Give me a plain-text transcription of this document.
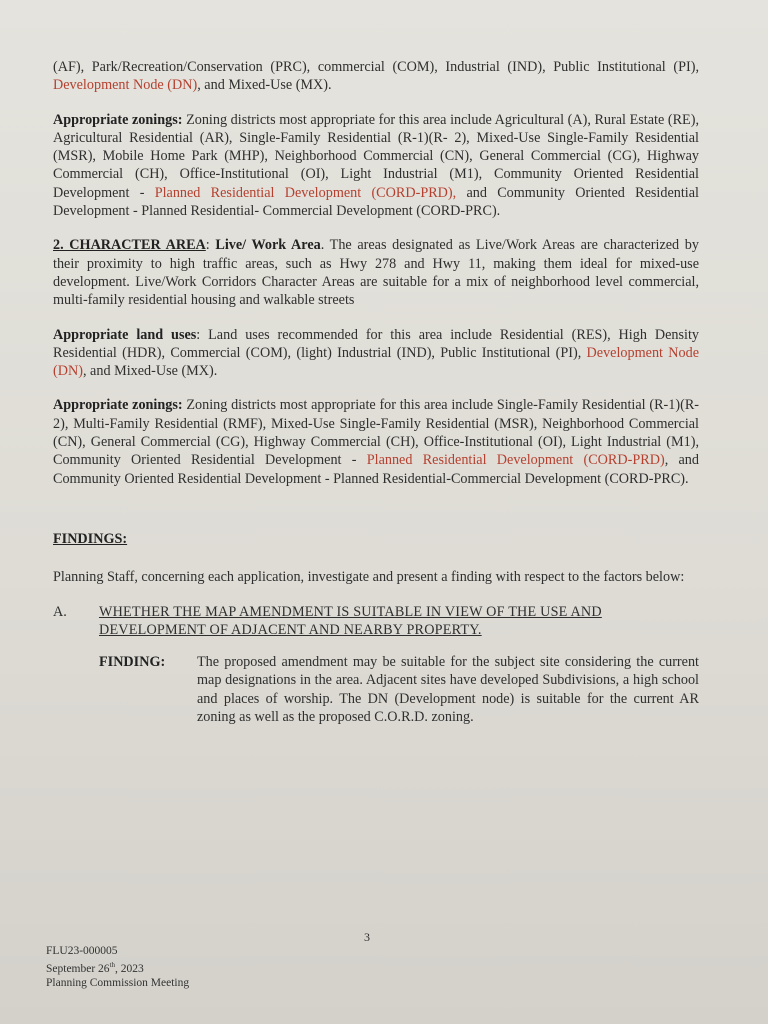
(AF), Park/Recreation/Conservation (PRC), commercial (COM), Industrial (IND), Public Institutional (PI), Development Node (DN), and Mixed-Use (MX).

Appropriate zonings: Zoning districts most appropriate for this area include Agricultural (A), Rural Estate (RE), Agricultural Residential (AR), Single-Family Residential (R-1)(R- 2), Mixed-Use Single-Family Residential (MSR), Mobile Home Park (MHP), Neighborhood Commercial (CN), General Commercial (CG), Highway Commercial (CH), Office-Institutional (OI), Light Industrial (M1), Community Oriented Residential Development - Planned Residential Development (CORD-PRD), and Community Oriented Residential Development - Planned Residential- Commercial Development (CORD-PRC).

2. CHARACTER AREA: Live/ Work Area. The areas designated as Live/Work Areas are characterized by their proximity to high traffic areas, such as Hwy 278 and Hwy 11, making them ideal for mixed-use development. Live/Work Corridors Character Areas are suitable for a mix of neighborhood level commercial, multi-family residential housing and walkable streets

Appropriate land uses: Land uses recommended for this area include Residential (RES), High Density Residential (HDR), Commercial (COM), (light) Industrial (IND), Public Institutional (PI), Development Node (DN), and Mixed-Use (MX).

Appropriate zonings: Zoning districts most appropriate for this area include Single-Family Residential (R-1)(R-2), Multi-Family Residential (RMF), Mixed-Use Single-Family Residential (MSR), Neighborhood Commercial (CN), General Commercial (CG), Highway Commercial (CH), Office-Institutional (OI), Light Industrial (M1), Community Oriented Residential Development - Planned Residential Development (CORD-PRD), and Community Oriented Residential Development - Planned Residential-Commercial Development (CORD-PRC).

FINDINGS:

Planning Staff, concerning each application, investigate and present a finding with respect to the factors below:

A. WHETHER THE MAP AMENDMENT IS SUITABLE IN VIEW OF THE USE AND DEVELOPMENT OF ADJACENT AND NEARBY PROPERTY.
FINDING:	The proposed amendment may be suitable for the subject site considering the current map designations in the area. Adjacent sites have developed Subdivisions, a high school and places of worship. The DN (Development node) is suitable for the current AR zoning as well as the proposed C.O.R.D. zoning.
3
FLU23-000005
September 26th, 2023
Planning Commission Meeting
